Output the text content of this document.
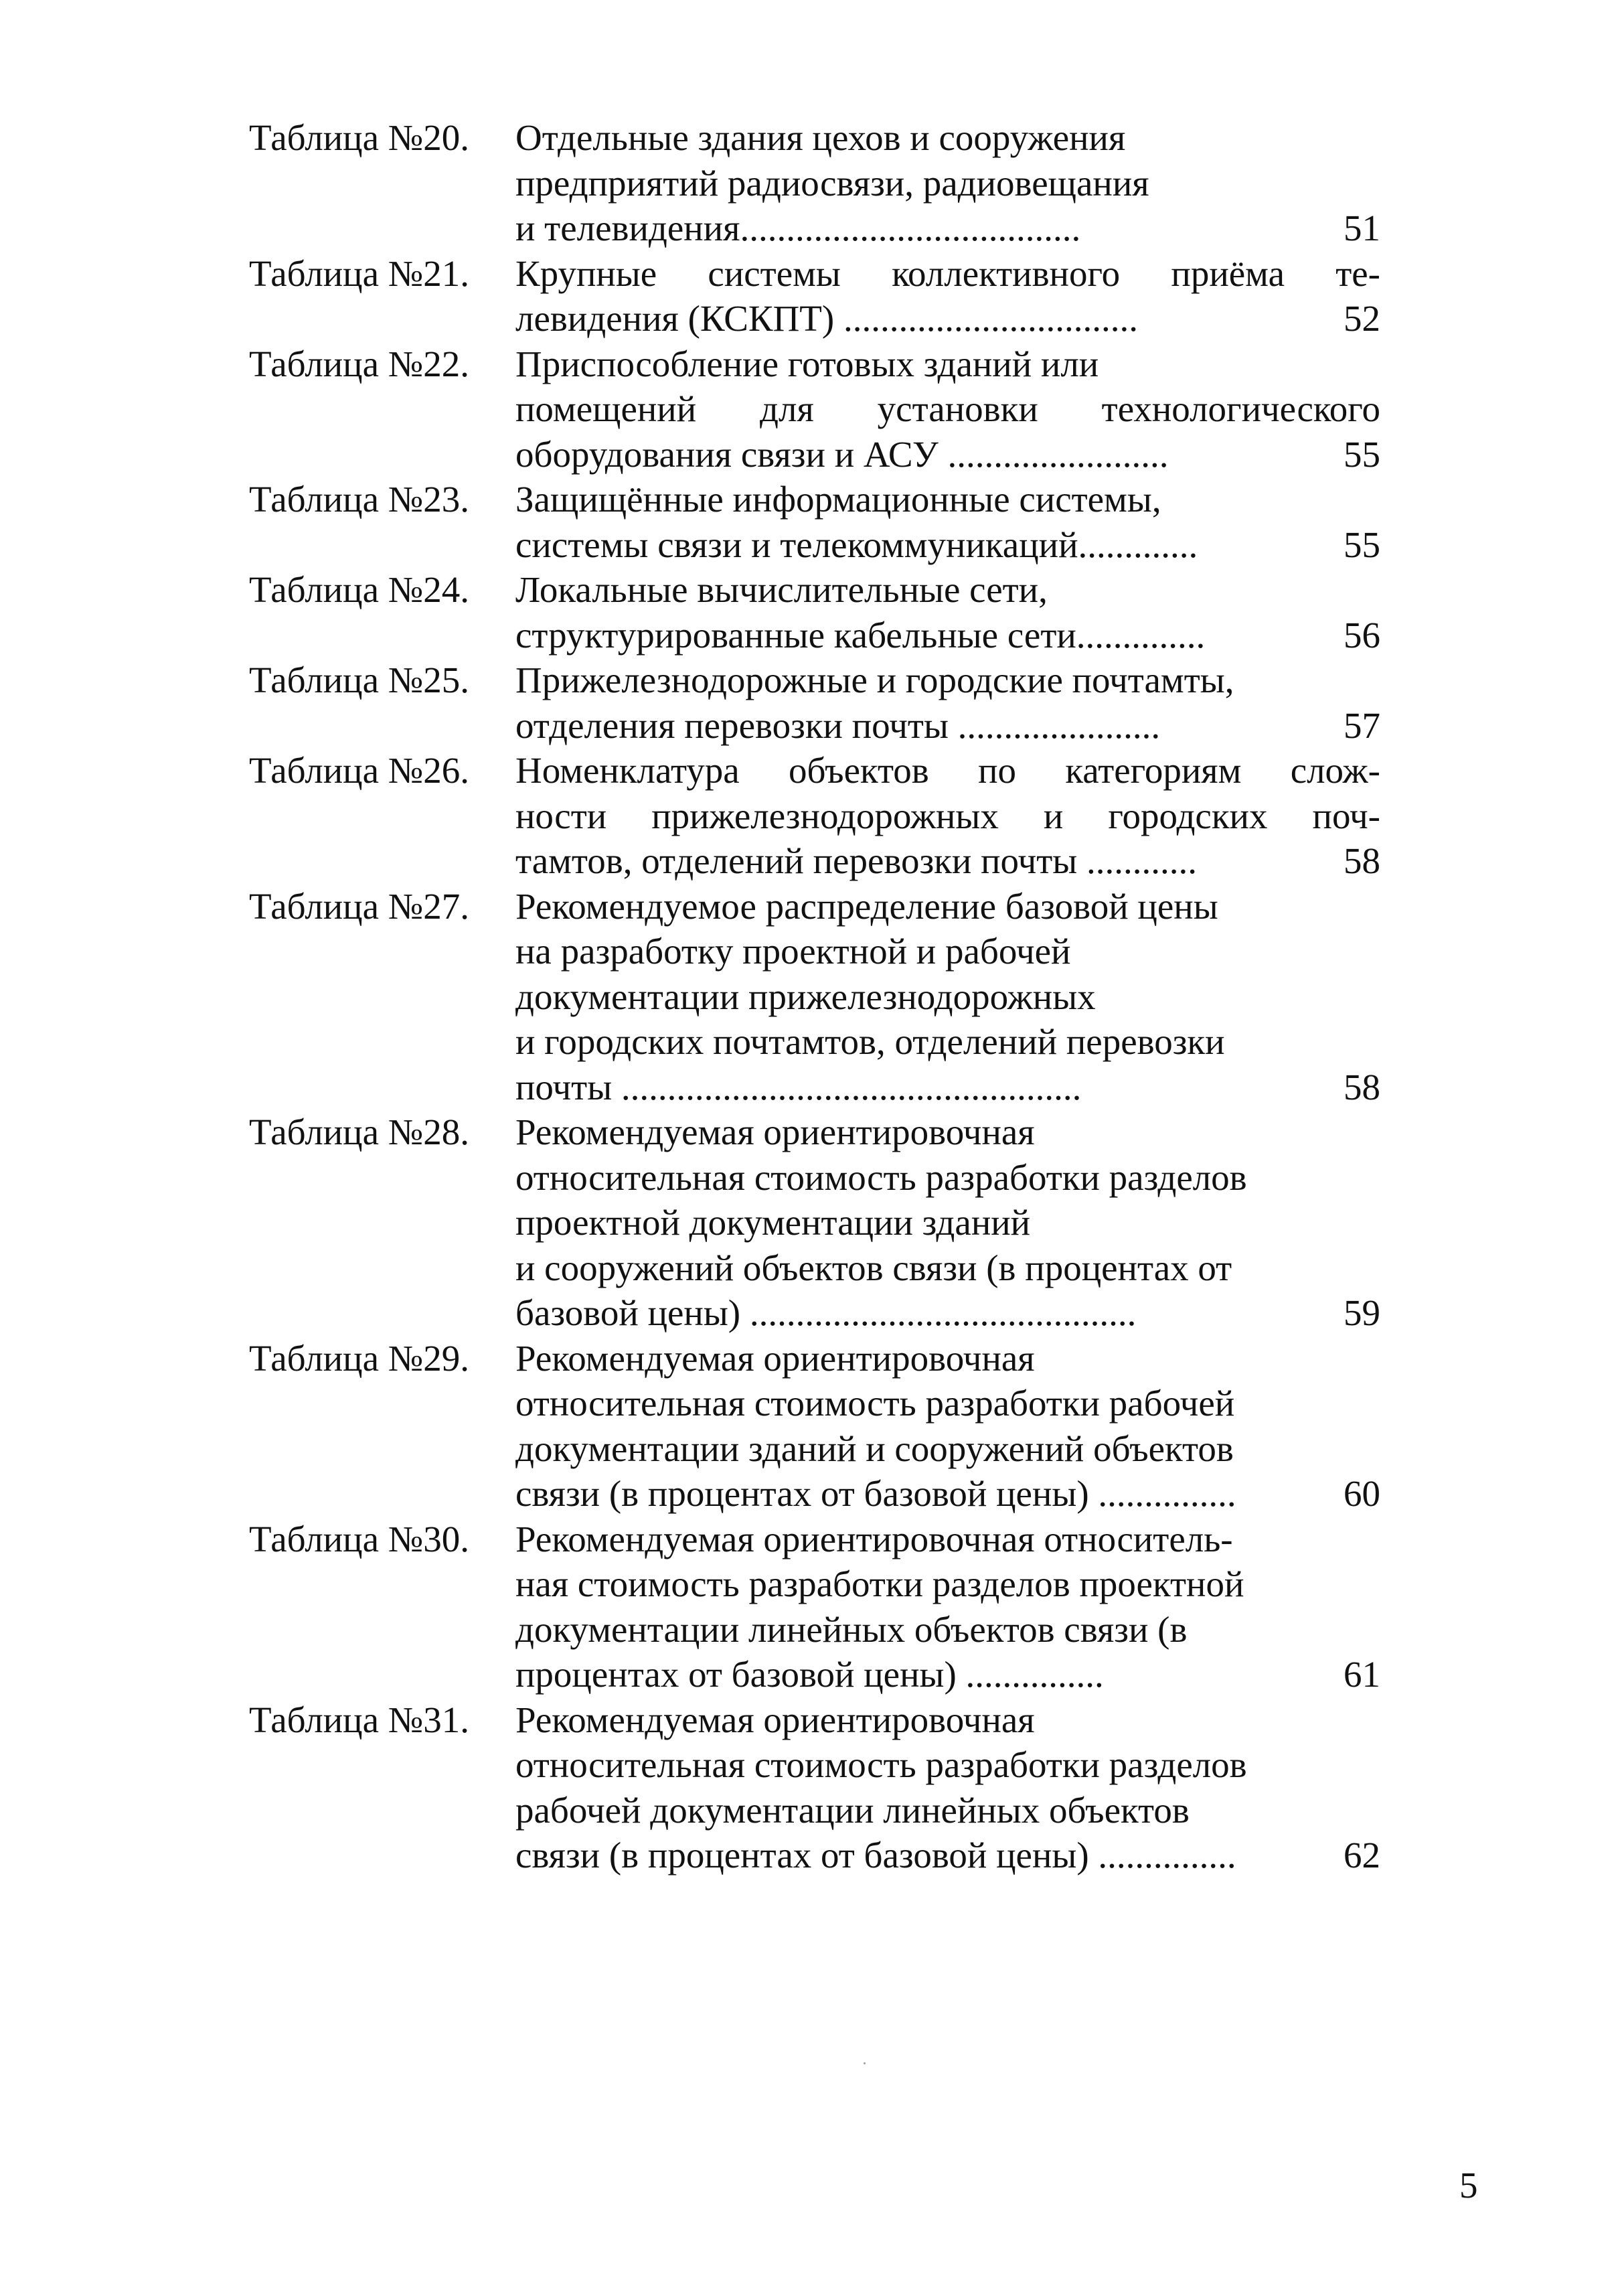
Таблица №20.	Отдельные здания цехов и сооружения
предприятий радиосвязи, радиовещания
и телевидения.....................................	51
Таблица №21.	Крупные системы коллективного приёма те-
левидения (КСКПТ) ................................	52
Таблица №22.	Приспособление готовых зданий или
помещений для установки технологического
оборудования связи и АСУ ........................	55
Таблица №23.	Защищённые информационные системы,
системы связи и телекоммуникаций.............	55
Таблица №24.	Локальные вычислительные сети,
структурированные кабельные сети..............	56
Таблица №25.	Прижелезнодорожные и городские почтамты,
отделения перевозки почты ......................	57
Таблица №26.	Номенклатура объектов по категориям слож-
ности прижелезнодорожных и городских поч-
тамтов, отделений перевозки почты ............	58
Таблица №27.	Рекомендуемое распределение базовой цены
на разработку проектной и рабочей
документации прижелезнодорожных
и городских почтамтов, отделений перевозки
почты ..................................................	58
Таблица №28.	Рекомендуемая ориентировочная
относительная стоимость разработки разделов
проектной документации зданий
и сооружений объектов связи (в процентах от
базовой цены) ..........................................	59
Таблица №29.	Рекомендуемая ориентировочная
относительная стоимость разработки рабочей
документации зданий и сооружений объектов
связи (в процентах от базовой цены) ...............	60
Таблица №30.	Рекомендуемая ориентировочная относитель-
ная стоимость разработки разделов проектной
документации линейных объектов связи (в
процентах от базовой цены) ...............	61
Таблица №31.	Рекомендуемая ориентировочная
относительная стоимость разработки разделов
рабочей документации линейных объектов
связи (в процентах от базовой цены) ...............	62
5
